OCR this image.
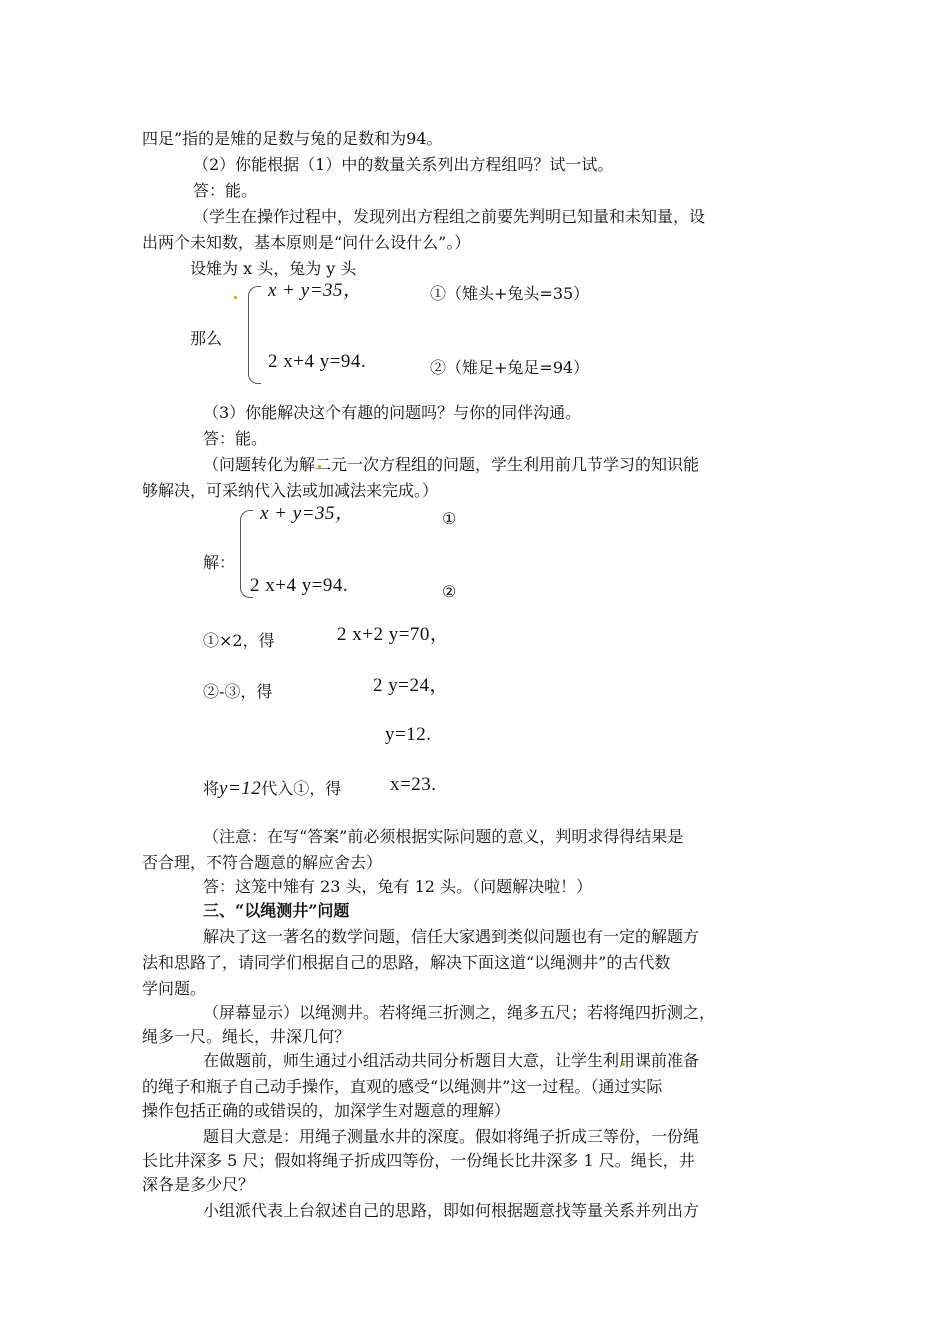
四足”指的是雉的足数与兔的足数和为94。
（2）你能根据（1）中的数量关系列出方程组吗？试一试。
答：能。
（学生在操作过程中，发现列出方程组之前要先判明已知量和未知量，设
出两个未知数，基本原则是“问什么设什么”。）
设雉为 x 头，兔为 y 头
那么
x + y=35，
2 x+4 y=94.
①（雉头+兔头=35）
②（雉足+兔足=94）
（3）你能解决这个有趣的问题吗？与你的同伴沟通。
答：能。
（问题转化为解二元一次方程组的问题，学生利用前几节学习的知识能
够解决，可采纳代入法或加减法来完成。）
解：
x + y=35，
2 x+4 y=94.
①
②
①×2，得	2 x+2 y=70，
②-③，得	2 y=24，
y=12.
将y=12代入①，得	x=23.
（注意：在写“答案”前必须根据实际问题的意义，判明求得得结果是
否合理，不符合题意的解应舍去）
答：这笼中雉有 23 头，兔有 12 头。（问题解决啦！）
三、“以绳测井”问题
解决了这一著名的数学问题，信任大家遇到类似问题也有一定的解题方
法和思路了，请同学们根据自己的思路，解决下面这道“以绳测井”的古代数
学问题。
（屏幕显示）以绳测井。若将绳三折测之，绳多五尺；若将绳四折测之，
绳多一尺。绳长，井深几何？
在做题前，师生通过小组活动共同分析题目大意，让学生利用课前准备
的绳子和瓶子自己动手操作，直观的感受“以绳测井”这一过程。（通过实际
操作包括正确的或错误的，加深学生对题意的理解）
题目大意是：用绳子测量水井的深度。假如将绳子折成三等份，一份绳
长比井深多 5 尺；假如将绳子折成四等份，一份绳长比井深多 1 尺。绳长，井
深各是多少尺？
小组派代表上台叙述自己的思路，即如何根据题意找等量关系并列出方
